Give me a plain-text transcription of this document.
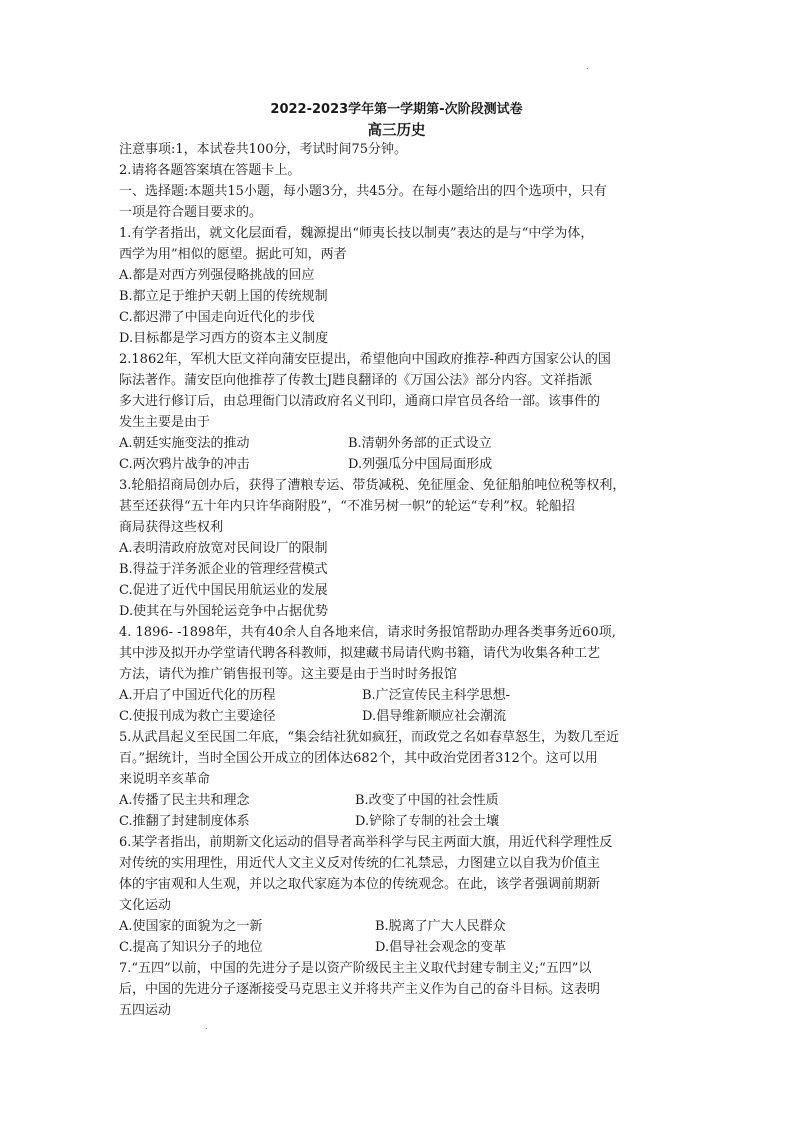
.
2022-2023学年第一学期第-次阶段测试卷
高三历史
注意事项:1，本试卷共100分，考试时间75分钟。
2.请将各题答案填在答题卡上。
一、选择题:本题共15小题，每小题3分，共45分。在每小题给出的四个选项中，只有
一项是符合题目要求的。
1.有学者指出，就文化层面看，魏源提出“师夷长技以制夷”表达的是与“中学为体，
西学为用”相似的愿望。据此可知，两者
A.都是对西方列强侵略挑战的回应
B.都立足于维护天朝上国的传统规制
C.都迟滞了中国走向近代化的步伐
D.目标都是学习西方的资本主义制度
2.1862年，军机大臣文祥向蒲安臣提出，希望他向中国政府推荐-种西方国家公认的国
际法著作。蒲安臣向他推荐了传教士J韪良翻译的《万国公法》部分内容。文祥指派
多大进行修订后，由总理衙门以清政府名义刊印，通商口岸官员各给一部。该事件的
发生主要是由于
A.朝廷实施变法的推动	B.清朝外务部的正式设立
C.两次鸦片战争的冲击	D.列强瓜分中国局面形成
3.轮船招商局创办后，获得了漕粮专运、带货减税、免征厘金、免征船舶吨位税等权利，
甚至还获得“五十年内只许华商附股”，“不准另树一帜”的轮运“专利”权。轮船招
商局获得这些权利
A.表明清政府放宽对民间设厂的限制
B.得益于洋务派企业的管理经营模式
C.促进了近代中国民用航运业的发展
D.使其在与外国轮运竞争中占据优势
4. 1896- -1898年，共有40余人自各地来信，请求时务报馆帮助办理各类事务近60项,
其中涉及拟开办学堂请代聘各科教师，拟建藏书局请代购书籍，请代为收集各种工艺
方法，请代为推广销售报刊等。这主要是由于当时时务报馆
A.开启了中国近代化的历程	B.广泛宣传民主科学思想-
C.使报刊成为救亡主要途径	D.倡导维新顺应社会潮流
5.从武昌起义至民国二年底，“集会结社犹如疯狂，而政党之名如春草怒生，为数几至近
百。”据统计，当时全国公开成立的团体达682个，其中政治党团者312个。这可以用
来说明辛亥革命
A.传播了民主共和理念	B.改变了中国的社会性质
C.推翻了封建制度体系	D.铲除了专制的社会土壤
6.某学者指出，前期新文化运动的倡导者高举科学与民主两面大旗，用近代科学理性反
对传统的实用理性，用近代人文主义反对传统的仁礼禁忌，力图建立以自我为价值主
体的宇宙观和人生观，并以之取代家庭为本位的传统观念。在此，该学者强调前期新
文化运动
A.使国家的面貌为之一新	B.脱离了广大人民群众
C.提高了知识分子的地位	D.倡导社会观念的变革
7.“五四”以前，中国的先进分子是以资产阶级民主主义取代封建专制主义;“五四”以
后，中国的先进分子逐渐接受马克思主义并将共产主义作为自己的奋斗目标。这表明
五四运动
.
